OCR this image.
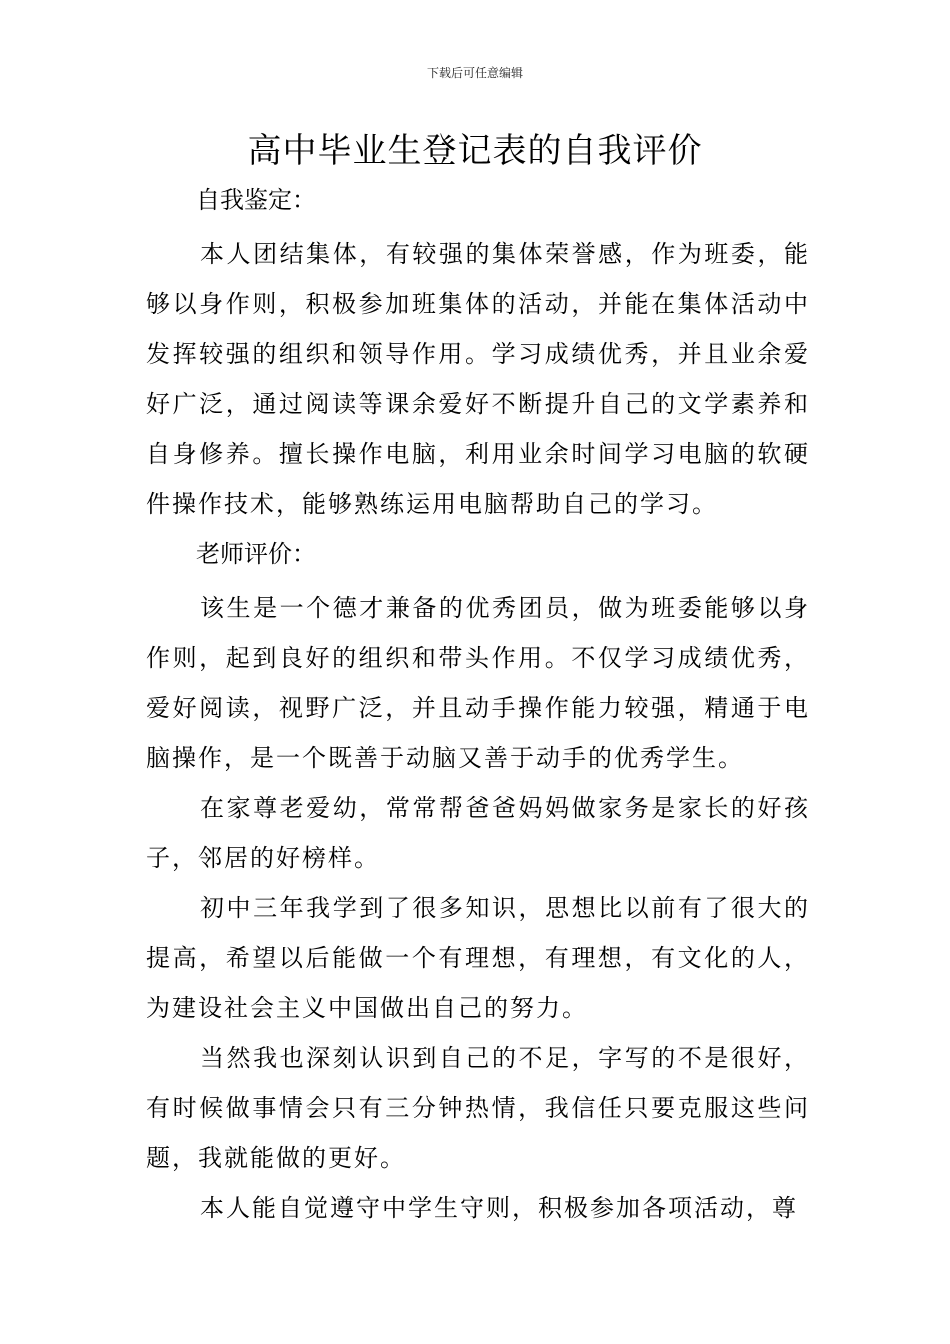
下载后可任意编辑
高中毕业生登记表的自我评价

自我鉴定：

本人团结集体，有较强的集体荣誉感，作为班委，能够以身作则，积极参加班集体的活动，并能在集体活动中发挥较强的组织和领导作用。学习成绩优秀，并且业余爱好广泛，通过阅读等课余爱好不断提升自己的文学素养和自身修养。擅长操作电脑，利用业余时间学习电脑的软硬件操作技术，能够熟练运用电脑帮助自己的学习。

老师评价：

该生是一个德才兼备的优秀团员，做为班委能够以身作则，起到良好的组织和带头作用。不仅学习成绩优秀，爱好阅读，视野广泛，并且动手操作能力较强，精通于电脑操作，是一个既善于动脑又善于动手的优秀学生。

在家尊老爱幼，常常帮爸爸妈妈做家务是家长的好孩子，邻居的好榜样。

初中三年我学到了很多知识，思想比以前有了很大的提高，希望以后能做一个有理想，有理想，有文化的人，为建设社会主义中国做出自己的努力。

当然我也深刻认识到自己的不足，字写的不是很好，有时候做事情会只有三分钟热情，我信任只要克服这些问题，我就能做的更好。

本人能自觉遵守中学生守则，积极参加各项活动，尊
